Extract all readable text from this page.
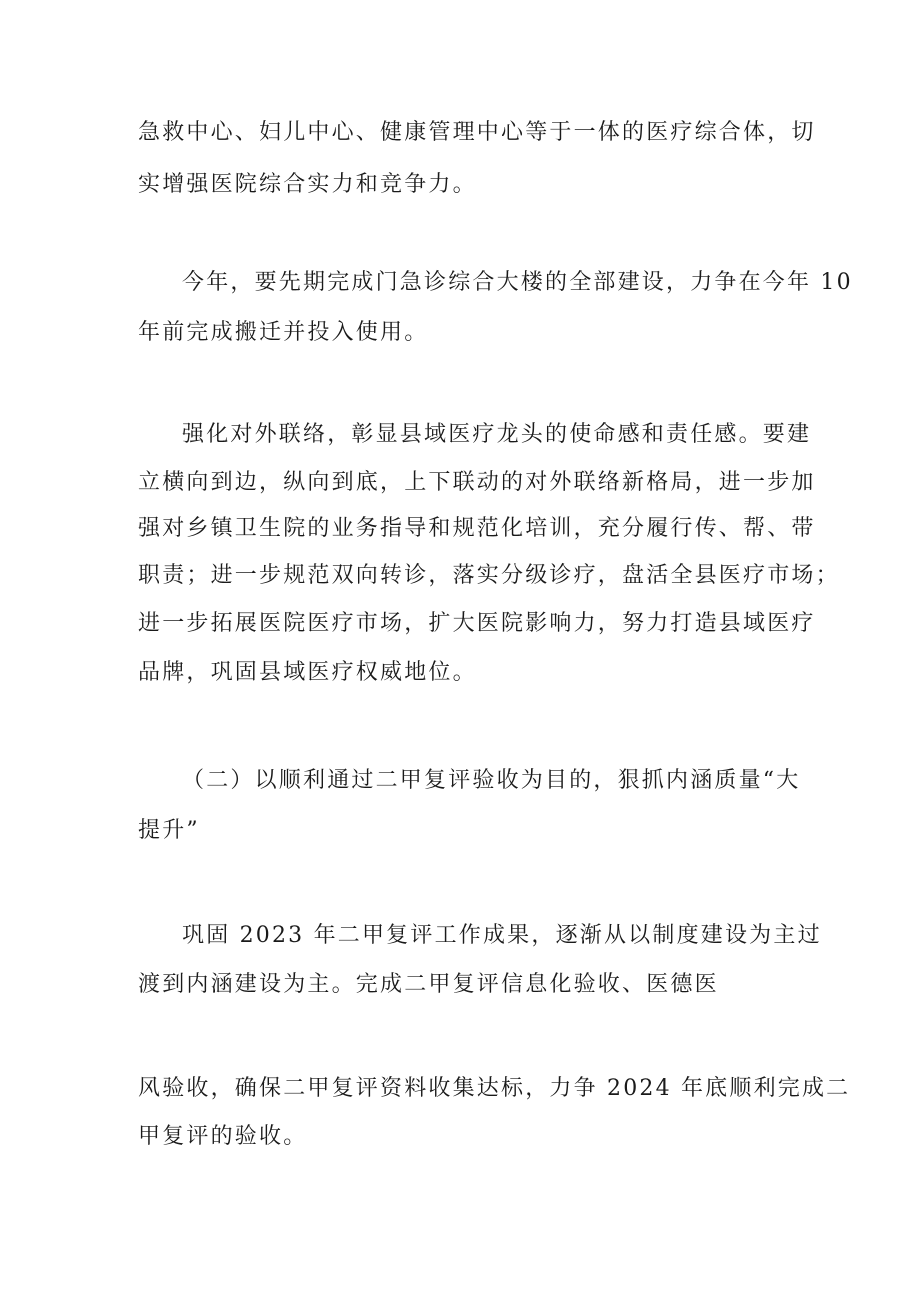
急救中心、妇儿中心、健康管理中心等于一体的医疗综合体，切
实增强医院综合实力和竞争力。
今年，要先期完成门急诊综合大楼的全部建设，力争在今年 10
年前完成搬迁并投入使用。
强化对外联络，彰显县域医疗龙头的使命感和责任感。要建
立横向到边，纵向到底，上下联动的对外联络新格局，进一步加
强对乡镇卫生院的业务指导和规范化培训，充分履行传、帮、带
职责；进一步规范双向转诊，落实分级诊疗，盘活全县医疗市场；
进一步拓展医院医疗市场，扩大医院影响力，努力打造县域医疗
品牌，巩固县域医疗权威地位。
（二）以顺利通过二甲复评验收为目的，狠抓内涵质量“大
提升”
巩固 2023 年二甲复评工作成果，逐渐从以制度建设为主过
渡到内涵建设为主。完成二甲复评信息化验收、医德医
风验收，确保二甲复评资料收集达标，力争 2024 年底顺利完成二
甲复评的验收。
